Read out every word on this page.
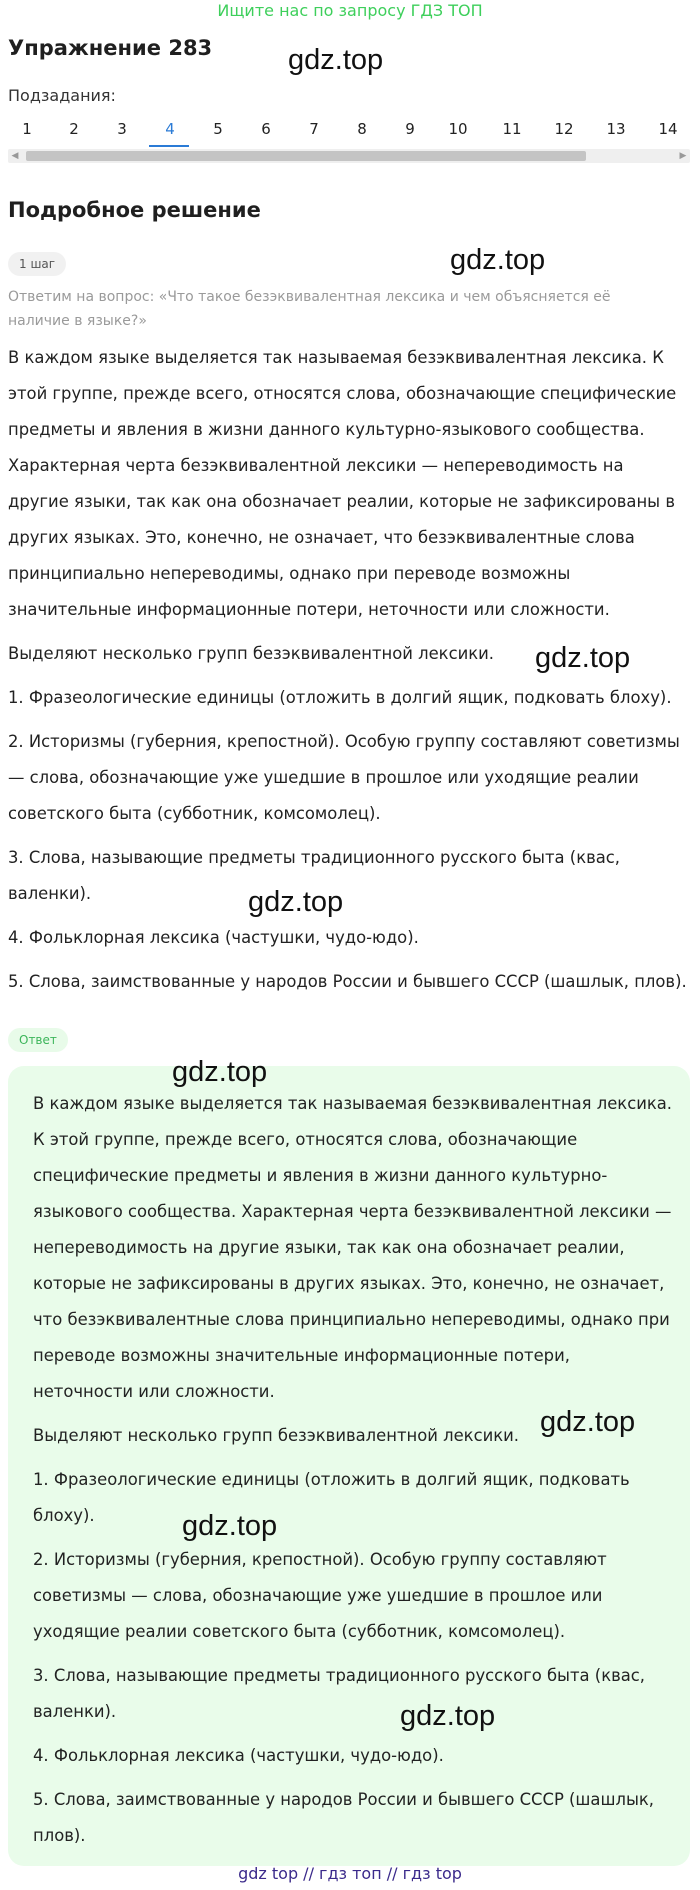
Ищите нас по запросу ГДЗ ТОП
Упражнение 283	gdz.top
Подзадания:
1	2	3	4	5	6	7	8	9	10	11	12	13	14
◀	▶
Подробное решение
1 шаг	gdz.top
Ответим на вопрос: «Что такое безэквивалентная лексика и чем объясняется её наличие в языке?»

В каждом языке выделяется так называемая безэквивалентная лексика. К этой группе, прежде всего, относятся слова, обозначающие специфические предметы и явления в жизни данного культурно-языкового сообщества. Характерная черта безэквивалентной лексики — непереводимость на другие языки, так как она обозначает реалии, которые не зафиксированы в других языках. Это, конечно, не означает, что безэквивалентные слова принципиально непереводимы, однако при переводе возможны значительные информационные потери, неточности или сложности.

Выделяют несколько групп безэквивалентной лексики.

1. Фразеологические единицы (отложить в долгий ящик, подковать блоху).

2. Историзмы (губерния, крепостной). Особую группу составляют советизмы — слова, обозначающие уже ушедшие в прошлое или уходящие реалии советского быта (субботник, комсомолец).

3. Слова, называющие предметы традиционного русского быта (квас, валенки).

4. Фольклорная лексика (частушки, чудо-юдо).

5. Слова, заимствованные у народов России и бывшего СССР (шашлык, плов).

gdz.top
gdz.top
Ответ

В каждом языке выделяется так называемая безэквивалентная лексика. К этой группе, прежде всего, относятся слова, обозначающие специфические предметы и явления в жизни данного культурно-языкового сообщества. Характерная черта безэквивалентной лексики — непереводимость на другие языки, так как она обозначает реалии, которые не зафиксированы в других языках. Это, конечно, не означает, что безэквивалентные слова принципиально непереводимы, однако при переводе возможны значительные информационные потери, неточности или сложности.

Выделяют несколько групп безэквивалентной лексики.

1. Фразеологические единицы (отложить в долгий ящик, подковать блоху).

2. Историзмы (губерния, крепостной). Особую группу составляют советизмы — слова, обозначающие уже ушедшие в прошлое или уходящие реалии советского быта (субботник, комсомолец).

3. Слова, называющие предметы традиционного русского быта (квас, валенки).

4. Фольклорная лексика (частушки, чудо-юдо).

5. Слова, заимствованные у народов России и бывшего СССР (шашлык, плов).

gdz.top
gdz.top
gdz.top
gdz.top
gdz top // гдз топ // гдз top
